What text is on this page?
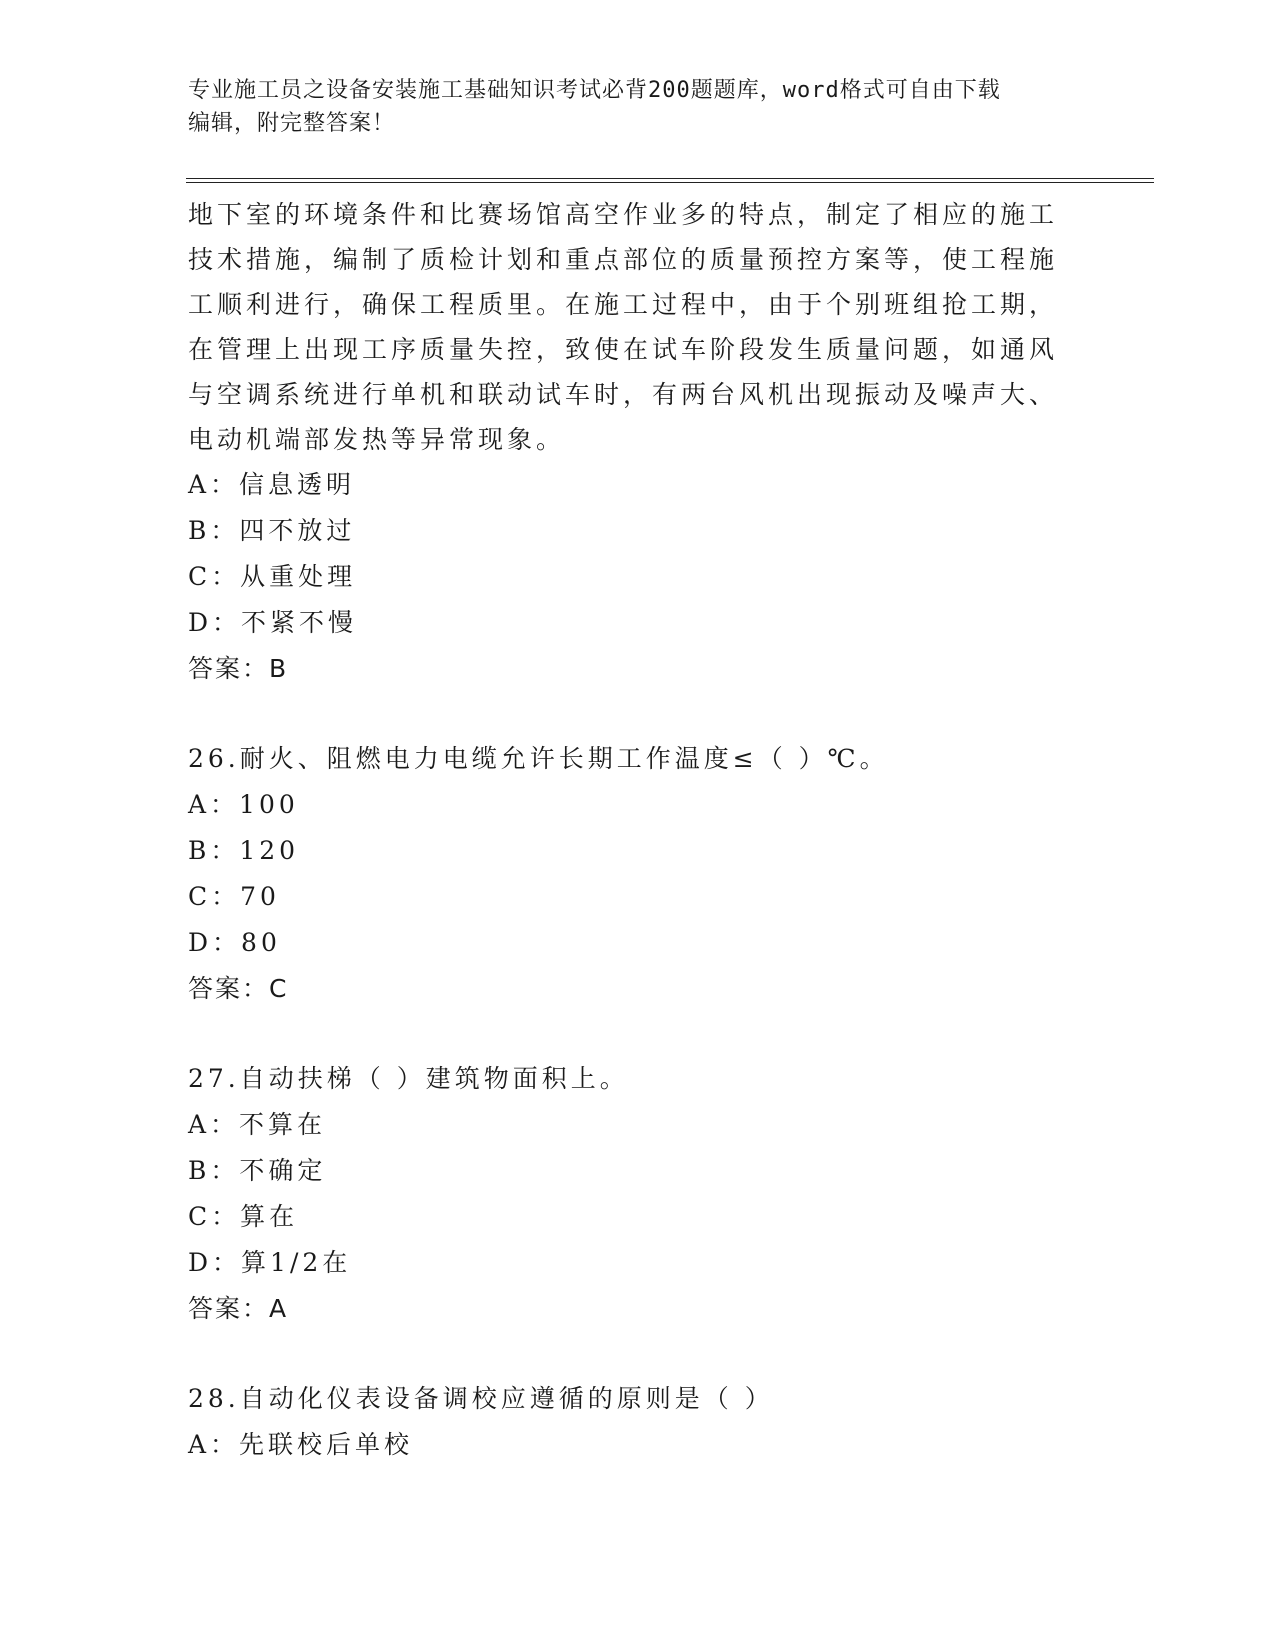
专业施工员之设备安装施工基础知识考试必背200题题库，word格式可自由下载
编辑，附完整答案！
地下室的环境条件和比赛场馆高空作业多的特点，制定了相应的施工
技术措施，编制了质检计划和重点部位的质量预控方案等，使工程施
工顺利进行，确保工程质里。在施工过程中，由于个别班组抢工期，
在管理上出现工序质量失控，致使在试车阶段发生质量问题，如通风
与空调系统进行单机和联动试车时，有两台风机出现振动及噪声大、
电动机端部发热等异常现象。
A：信息透明
B：四不放过
C：从重处理
D：不紧不慢
答案：B
26.耐火、阻燃电力电缆允许长期工作温度≤（ ）℃。
A：100
B：120
C：70
D：80
答案：C
27.自动扶梯（ ）建筑物面积上。
A：不算在
B：不确定
C：算在
D：算1/2在
答案：A
28.自动化仪表设备调校应遵循的原则是（ ）
A：先联校后单校
